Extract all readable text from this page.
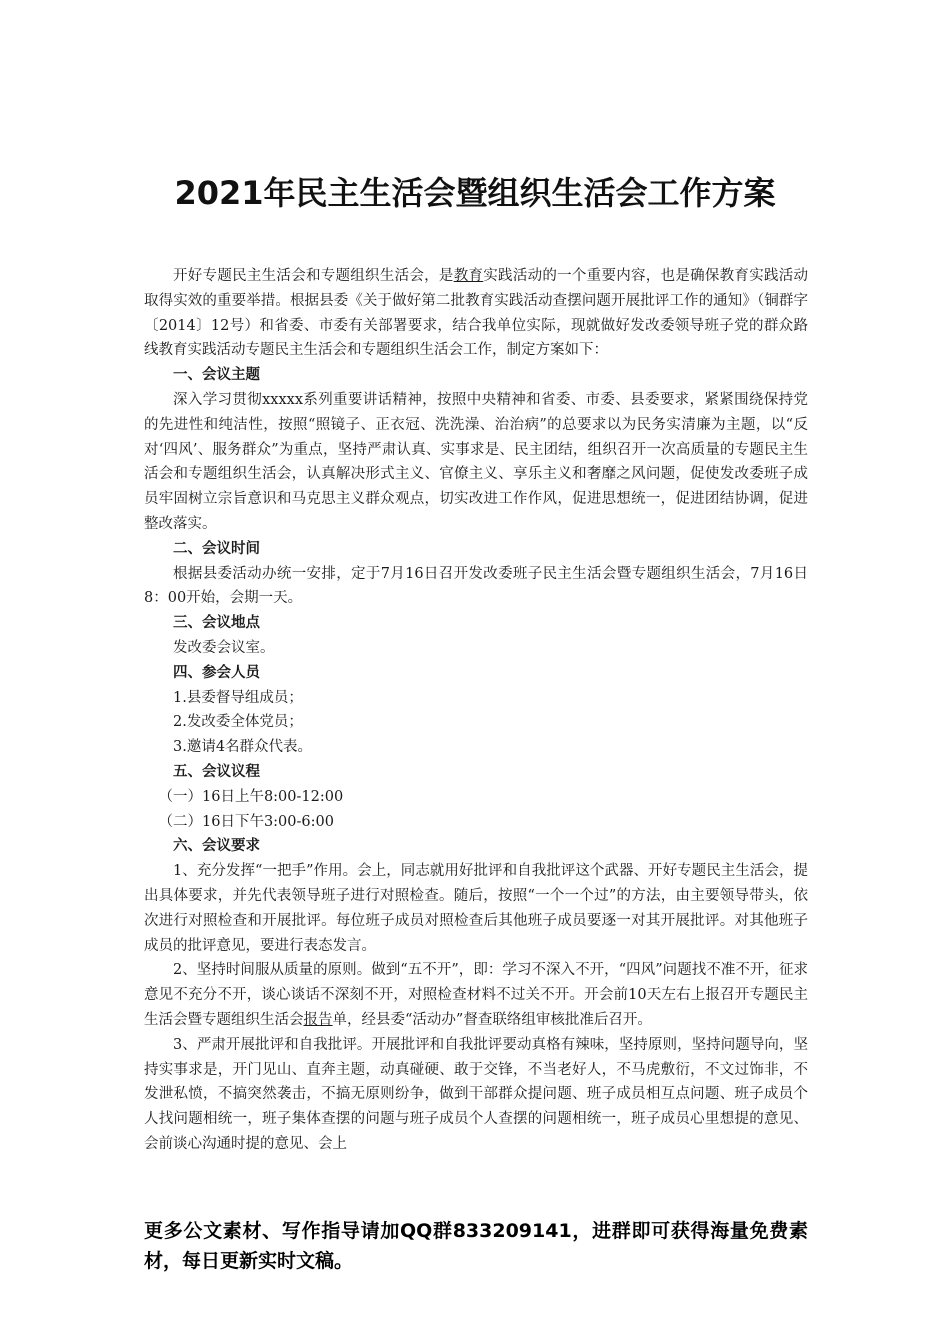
2021年民主生活会暨组织生活会工作方案

开好专题民主生活会和专题组织生活会，是教育实践活动的一个重要内容，也是确保教育实践活动取得实效的重要举措。根据县委《关于做好第二批教育实践活动查摆问题开展批评工作的通知》（铜群字〔2014〕12号）和省委、市委有关部署要求，结合我单位实际，现就做好发改委领导班子党的群众路线教育实践活动专题民主生活会和专题组织生活会工作，制定方案如下：

一、会议主题

深入学习贯彻xxxxx系列重要讲话精神，按照中央精神和省委、市委、县委要求，紧紧围绕保持党的先进性和纯洁性，按照“照镜子、正衣冠、洗洗澡、治治病”的总要求以为民务实清廉为主题，以“反对‘四风’、服务群众”为重点，坚持严肃认真、实事求是、民主团结，组织召开一次高质量的专题民主生活会和专题组织生活会，认真解决形式主义、官僚主义、享乐主义和奢靡之风问题，促使发改委班子成员牢固树立宗旨意识和马克思主义群众观点，切实改进工作作风，促进思想统一，促进团结协调，促进整改落实。

二、会议时间

根据县委活动办统一安排，定于7月16日召开发改委班子民主生活会暨专题组织生活会，7月16日8：00开始，会期一天。

三、会议地点

发改委会议室。

四、参会人员

1.县委督导组成员；

2.发改委全体党员；

3.邀请4名群众代表。

五、会议议程

（一）16日上午8:00-12:00

（二）16日下午3:00-6:00

六、会议要求

1、充分发挥“一把手”作用。会上，同志就用好批评和自我批评这个武器、开好专题民主生活会，提出具体要求，并先代表领导班子进行对照检查。随后，按照“一个一个过”的方法，由主要领导带头，依次进行对照检查和开展批评。每位班子成员对照检查后其他班子成员要逐一对其开展批评。对其他班子成员的批评意见，要进行表态发言。

2、坚持时间服从质量的原则。做到“五不开”，即：学习不深入不开，“四风”问题找不准不开，征求意见不充分不开，谈心谈话不深刻不开，对照检查材料不过关不开。开会前10天左右上报召开专题民主生活会暨专题组织生活会报告单，经县委“活动办”督查联络组审核批准后召开。

3、严肃开展批评和自我批评。开展批评和自我批评要动真格有辣味，坚持原则，坚持问题导向，坚持实事求是，开门见山、直奔主题，动真碰硬、敢于交锋，不当老好人，不马虎敷衍，不文过饰非，不发泄私愤，不搞突然袭击，不搞无原则纷争，做到干部群众提问题、班子成员相互点问题、班子成员个人找问题相统一，班子集体查摆的问题与班子成员个人查摆的问题相统一，班子成员心里想提的意见、会前谈心沟通时提的意见、会上

更多公文素材、写作指导请加QQ群833209141，进群即可获得海量免费素材，每日更新实时文稿。
